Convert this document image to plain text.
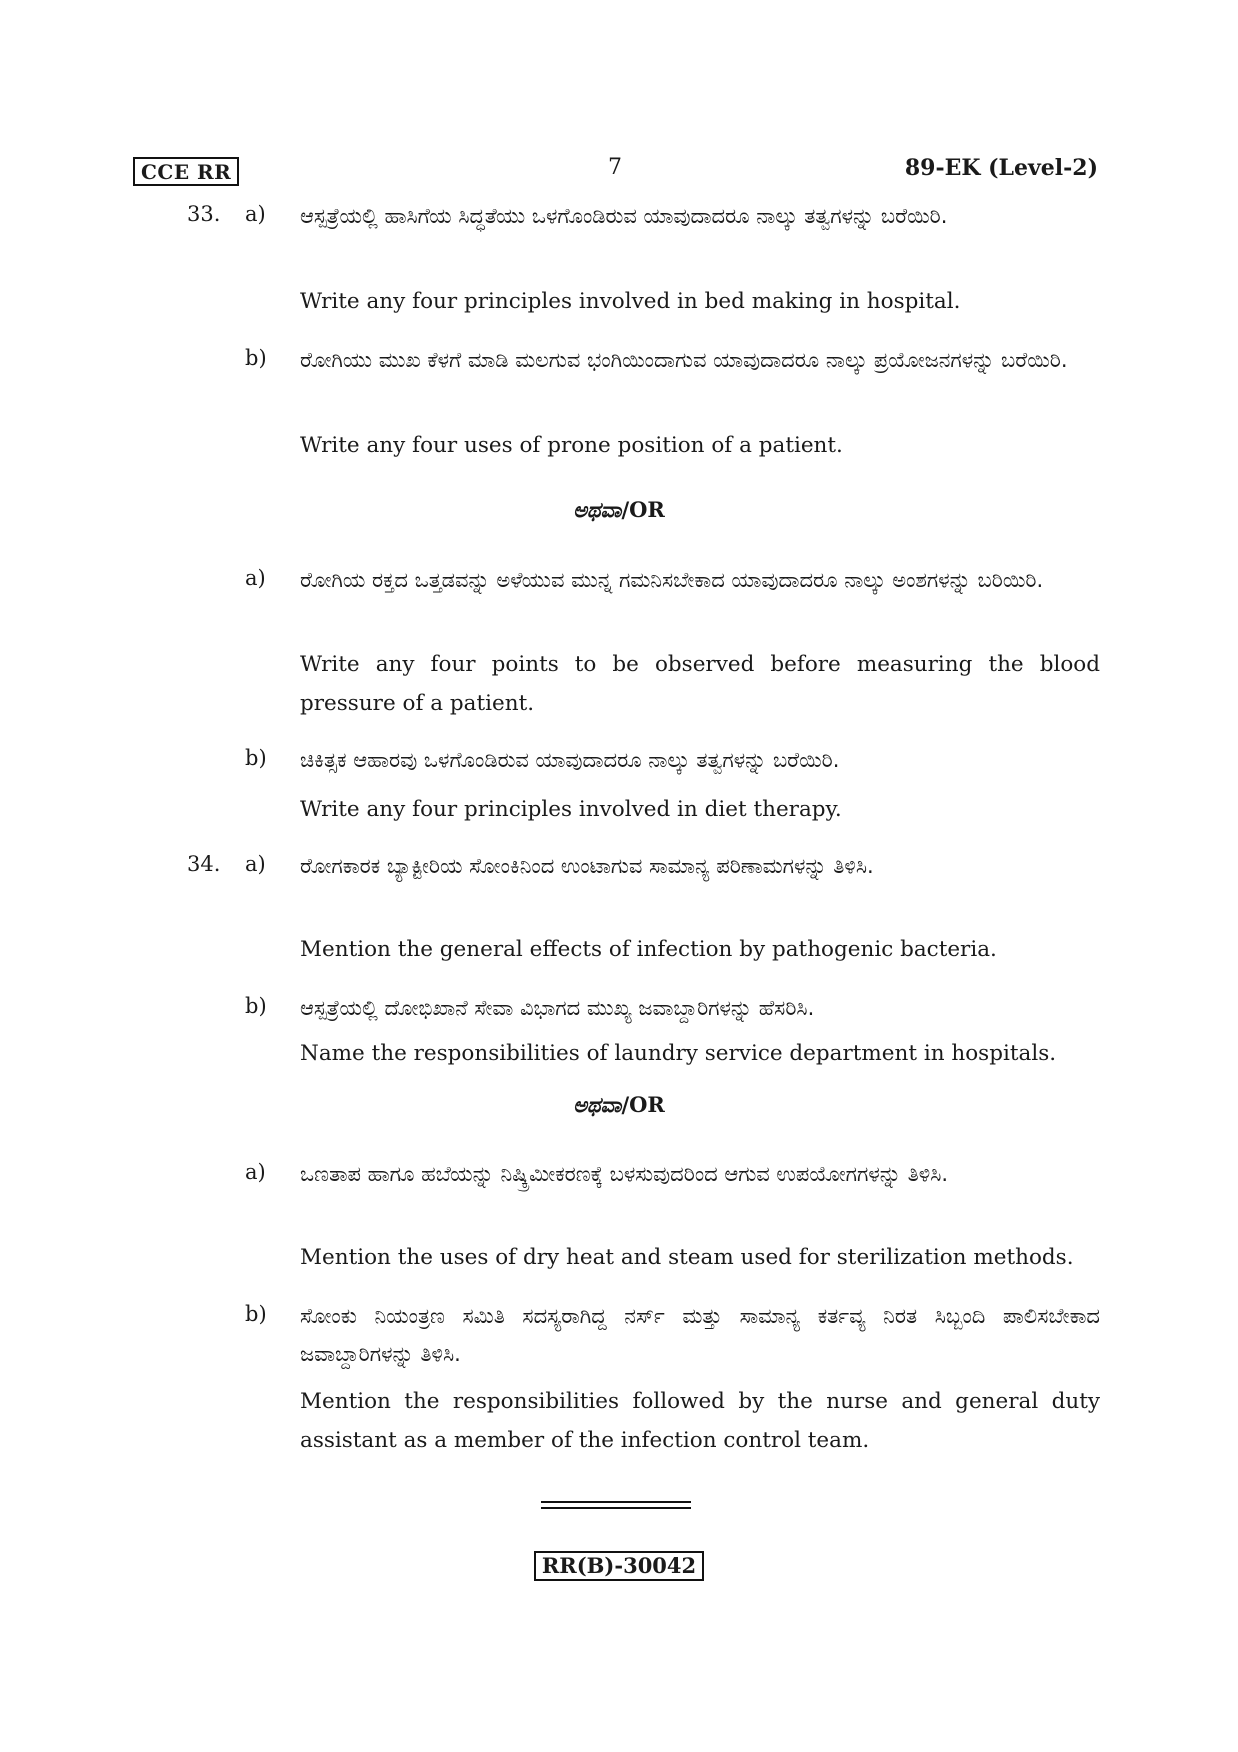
CCE RR	7	89-EK (Level-2)
33. a) ಆಸ್ಪತ್ರೆಯಲ್ಲಿ ಹಾಸಿಗೆಯ ಸಿದ್ಧತೆಯು ಒಳಗೊಂಡಿರುವ ಯಾವುದಾದರೂ ನಾಲ್ಕು ತತ್ವಗಳನ್ನು ಬರೆಯಿರಿ.
Write any four principles involved in bed making in hospital.
b) ರೋಗಿಯು ಮುಖ ಕೆಳಗೆ ಮಾಡಿ ಮಲಗುವ ಭಂಗಿಯಿಂದಾಗುವ ಯಾವುದಾದರೂ ನಾಲ್ಕು ಪ್ರಯೋಜನಗಳನ್ನು ಬರೆಯಿರಿ.
Write any four uses of prone position of a patient.
ಅಥವಾ/OR
a) ರೋಗಿಯ ರಕ್ತದ ಒತ್ತಡವನ್ನು ಅಳೆಯುವ ಮುನ್ನ ಗಮನಿಸಬೇಕಾದ ಯಾವುದಾದರೂ ನಾಲ್ಕು ಅಂಶಗಳನ್ನು ಬರಿಯಿರಿ.
Write any four points to be observed before measuring the blood pressure of a patient.
b) ಚಿಕಿತ್ಸಕ ಆಹಾರವು ಒಳಗೊಂಡಿರುವ ಯಾವುದಾದರೂ ನಾಲ್ಕು ತತ್ವಗಳನ್ನು ಬರೆಯಿರಿ.
Write any four principles involved in diet therapy.
34. a) ರೋಗಕಾರಕ ಬ್ಯಾಕ್ಟೀರಿಯ ಸೋಂಕಿನಿಂದ ಉಂಟಾಗುವ ಸಾಮಾನ್ಯ ಪರಿಣಾಮಗಳನ್ನು ತಿಳಿಸಿ.
Mention the general effects of infection by pathogenic bacteria.
b) ಆಸ್ಪತ್ರೆಯಲ್ಲಿ ದೋಭಿಖಾನೆ ಸೇವಾ ವಿಭಾಗದ ಮುಖ್ಯ ಜವಾಬ್ದಾರಿಗಳನ್ನು ಹೆಸರಿಸಿ.
Name the responsibilities of laundry service department in hospitals.
ಅಥವಾ/OR
a) ಒಣತಾಪ ಹಾಗೂ ಹಬೆಯನ್ನು ನಿಷ್ಕ್ರಿಮೀಕರಣಕ್ಕೆ ಬಳಸುವುದರಿಂದ ಆಗುವ ಉಪಯೋಗಗಳನ್ನು ತಿಳಿಸಿ.
Mention the uses of dry heat and steam used for sterilization methods.
b) ಸೋಂಕು ನಿಯಂತ್ರಣ ಸಮಿತಿ ಸದಸ್ಯರಾಗಿದ್ದ ನರ್ಸ್ ಮತ್ತು ಸಾಮಾನ್ಯ ಕರ್ತವ್ಯ ನಿರತ ಸಿಬ್ಬಂದಿ ಪಾಲಿಸಬೇಕಾದ ಜವಾಬ್ದಾರಿಗಳನ್ನು ತಿಳಿಸಿ.
Mention the responsibilities followed by the nurse and general duty assistant as a member of the infection control team.
RR(B)-30042
